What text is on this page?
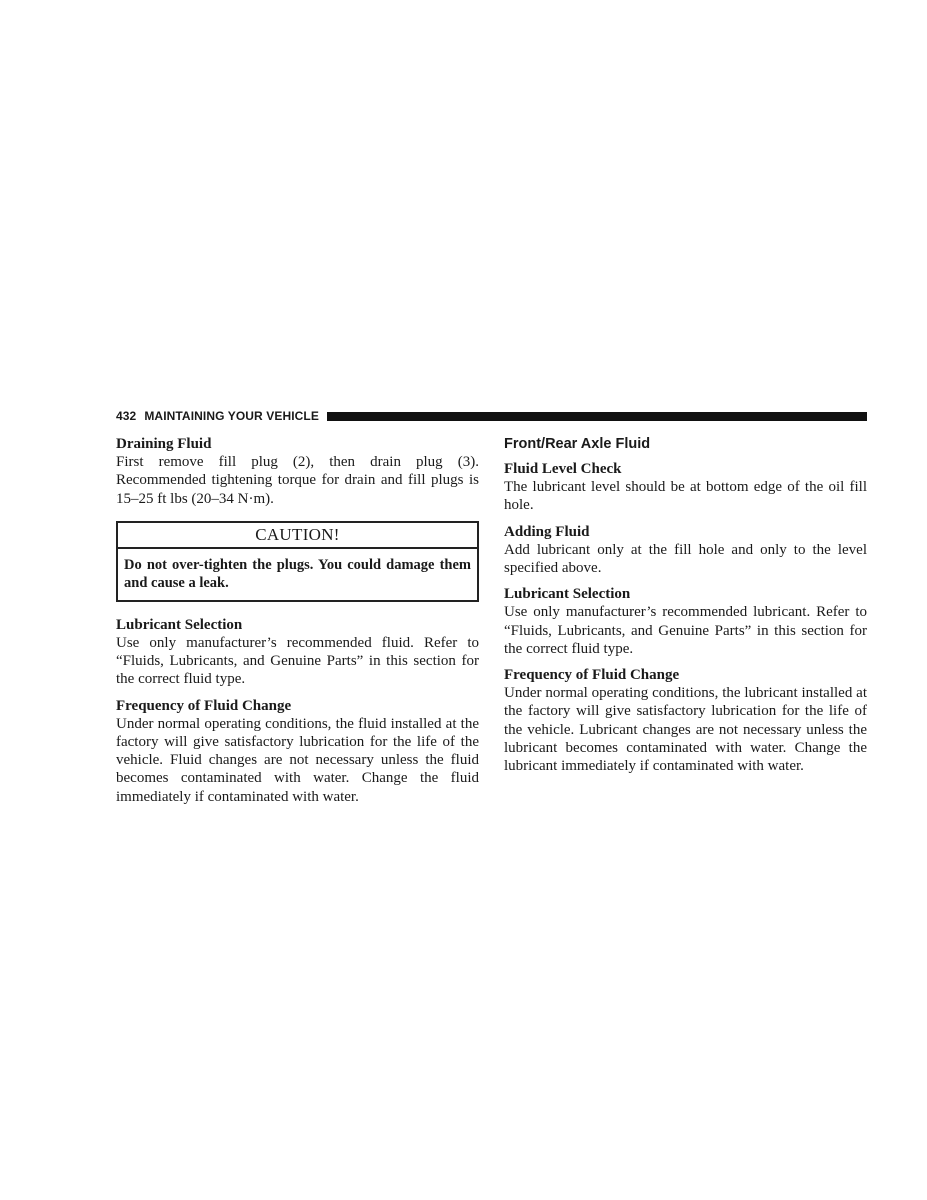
432 MAINTAINING YOUR VEHICLE
Draining Fluid

First remove fill plug (2), then drain plug (3). Recommended tightening torque for drain and fill plugs is 15–25 ft lbs (20–34 N·m).

CAUTION!
Do not over-tighten the plugs. You could damage them and cause a leak.
Lubricant Selection

Use only manufacturer’s recommended fluid. Refer to “Fluids, Lubricants, and Genuine Parts” in this section for the correct fluid type.

Frequency of Fluid Change

Under normal operating conditions, the fluid installed at the factory will give satisfactory lubrication for the life of the vehicle. Fluid changes are not necessary unless the fluid becomes contaminated with water. Change the fluid immediately if contaminated with water.

Front/Rear Axle Fluid
Fluid Level Check

The lubricant level should be at bottom edge of the oil fill hole.

Adding Fluid

Add lubricant only at the fill hole and only to the level specified above.

Lubricant Selection

Use only manufacturer’s recommended lubricant. Refer to “Fluids, Lubricants, and Genuine Parts” in this section for the correct fluid type.

Frequency of Fluid Change

Under normal operating conditions, the lubricant installed at the factory will give satisfactory lubrication for the life of the vehicle. Lubricant changes are not necessary unless the lubricant becomes contaminated with water. Change the lubricant immediately if contaminated with water.
